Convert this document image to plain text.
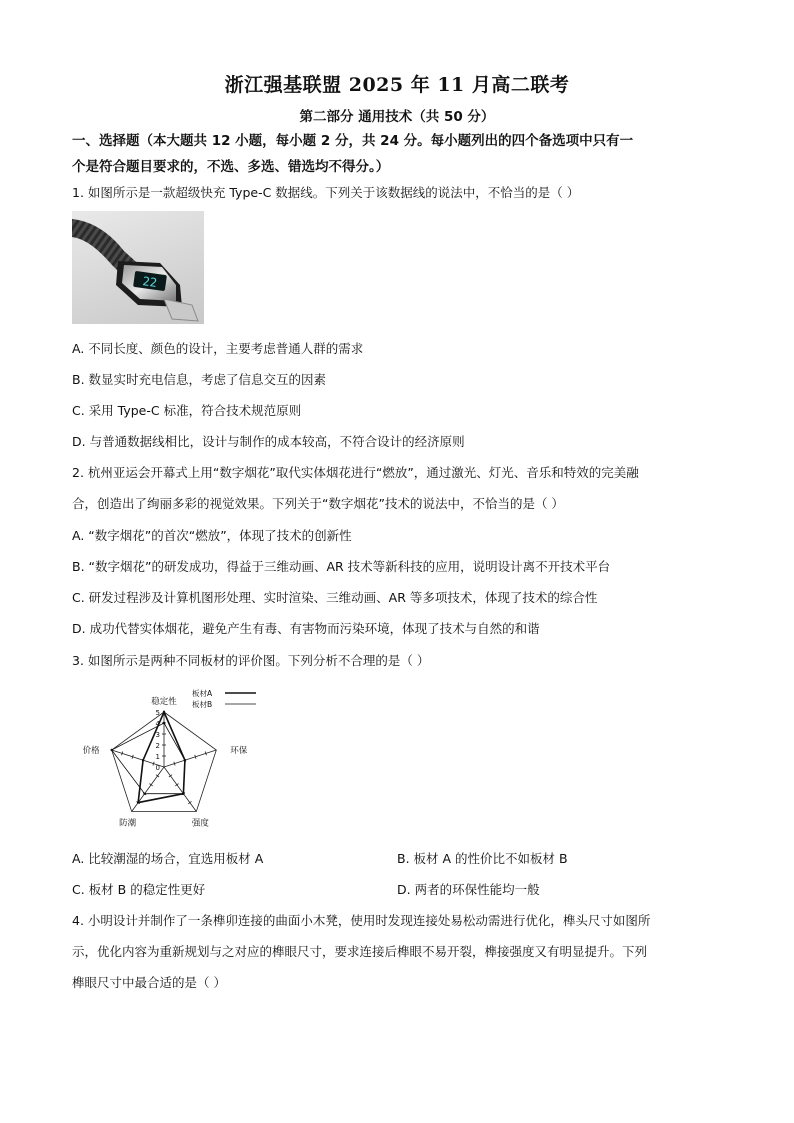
浙江强基联盟 2025 年 11 月高二联考
第二部分 通用技术（共 50 分）
一、选择题（本大题共 12 小题，每小题 2 分，共 24 分。每小题列出的四个备选项中只有一
个是符合题目要求的，不选、多选、错选均不得分。）
1. 如图所示是一款超级快充 Type-C 数据线。下列关于该数据线的说法中，不恰当的是（ ）
22
A. 不同长度、颜色的设计，主要考虑普通人群的需求
B. 数显实时充电信息，考虑了信息交互的因素
C. 采用 Type-C 标准，符合技术规范原则
D. 与普通数据线相比，设计与制作的成本较高，不符合设计的经济原则
2. 杭州亚运会开幕式上用“数字烟花”取代实体烟花进行“燃放”，通过激光、灯光、音乐和特效的完美融
合，创造出了绚丽多彩的视觉效果。下列关于“数字烟花”技术的说法中，不恰当的是（ ）
A. “数字烟花”的首次“燃放”，体现了技术的创新性
B. “数字烟花”的研发成功，得益于三维动画、AR 技术等新科技的应用，说明设计离不开技术平台
C. 研发过程涉及计算机图形处理、实时渲染、三维动画、AR 等多项技术，体现了技术的综合性
D. 成功代替实体烟花，避免产生有毒、有害物而污染环境，体现了技术与自然的和谐
3. 如图所示是两种不同板材的评价图。下列分析不合理的是（ ）
0
1
2
3
4
5
稳定性
环保
强度
防潮
价格
板材A
板材B
A. 比较潮湿的场合，宜选用板材 A	B. 板材 A 的性价比不如板材 B
C. 板材 B 的稳定性更好	D. 两者的环保性能均一般
4. 小明设计并制作了一条榫卯连接的曲面小木凳，使用时发现连接处易松动需进行优化，榫头尺寸如图所
示，优化内容为重新规划与之对应的榫眼尺寸，要求连接后榫眼不易开裂，榫接强度又有明显提升。下列
榫眼尺寸中最合适的是（ ）
